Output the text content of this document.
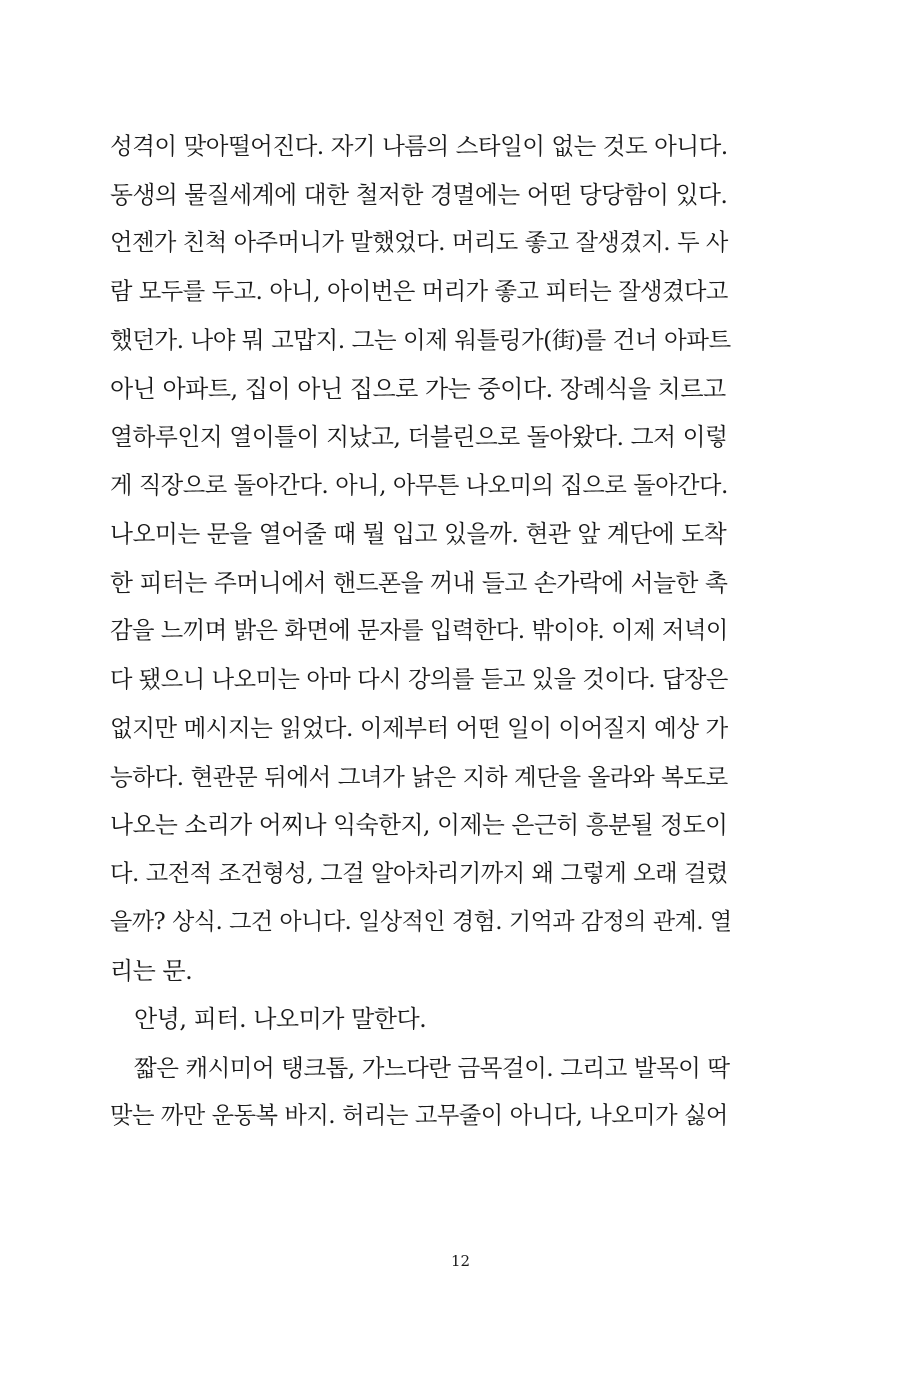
성격이 맞아떨어진다. 자기 나름의 스타일이 없는 것도 아니다.
동생의 물질세계에 대한 철저한 경멸에는 어떤 당당함이 있다.
언젠가 친척 아주머니가 말했었다. 머리도 좋고 잘생겼지. 두 사
람 모두를 두고. 아니, 아이번은 머리가 좋고 피터는 잘생겼다고
했던가. 나야 뭐 고맙지. 그는 이제 워틀링가(街)를 건너 아파트
아닌 아파트, 집이 아닌 집으로 가는 중이다. 장례식을 치르고
열하루인지 열이틀이 지났고, 더블린으로 돌아왔다. 그저 이렇
게 직장으로 돌아간다. 아니, 아무튼 나오미의 집으로 돌아간다.
나오미는 문을 열어줄 때 뭘 입고 있을까. 현관 앞 계단에 도착
한 피터는 주머니에서 핸드폰을 꺼내 들고 손가락에 서늘한 촉
감을 느끼며 밝은 화면에 문자를 입력한다. 밖이야. 이제 저녁이
다 됐으니 나오미는 아마 다시 강의를 듣고 있을 것이다. 답장은
없지만 메시지는 읽었다. 이제부터 어떤 일이 이어질지 예상 가
능하다. 현관문 뒤에서 그녀가 낡은 지하 계단을 올라와 복도로
나오는 소리가 어찌나 익숙한지, 이제는 은근히 흥분될 정도이
다. 고전적 조건형성, 그걸 알아차리기까지 왜 그렇게 오래 걸렸
을까? 상식. 그건 아니다. 일상적인 경험. 기억과 감정의 관계. 열
리는 문.
안녕, 피터. 나오미가 말한다.
짧은 캐시미어 탱크톱, 가느다란 금목걸이. 그리고 발목이 딱
맞는 까만 운동복 바지. 허리는 고무줄이 아니다, 나오미가 싫어
12
